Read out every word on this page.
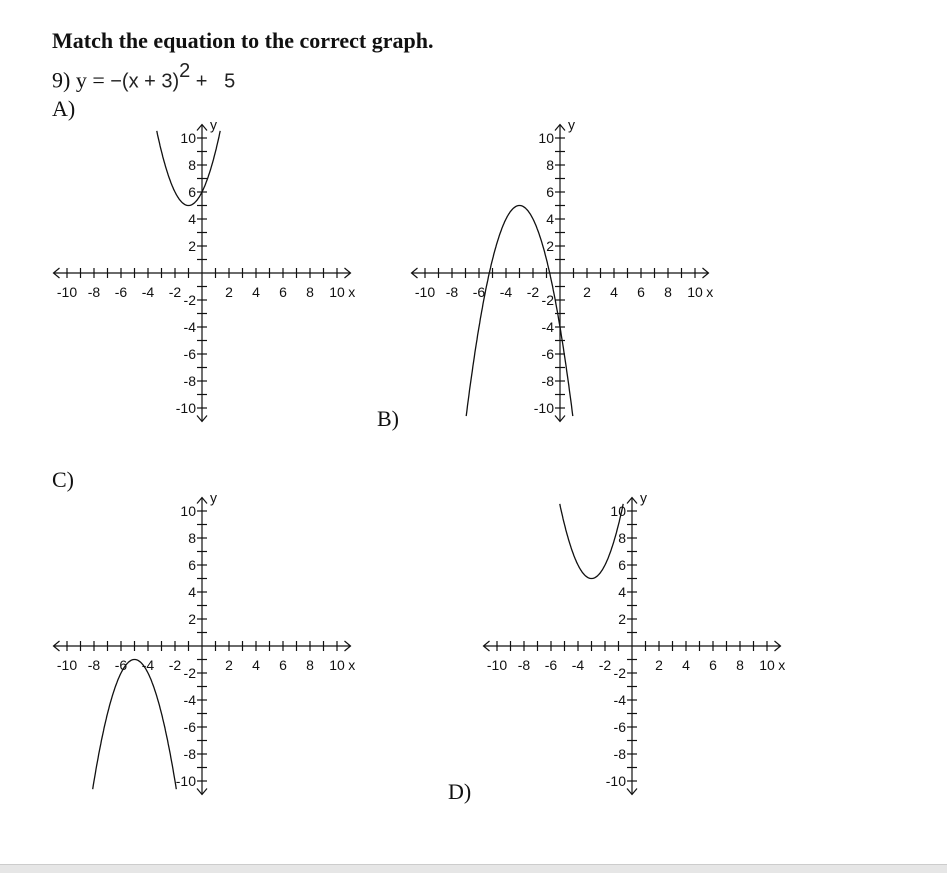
Match the equation to the correct graph.
9) $y = -(x + 3)^2 + 5$
A)
B)
C)
D)
-10 -8 -6 -4 -2	2 4 6 8 10 x
y
10
8
6
4
2
-2
-4
-6
-8
-10
-10 -8 -6 -4 -2	2 4 6 8 10 x
y
10
8
6
4
2
-2
-4
-6
-8
-10
-10 -8 -6 -4 -2	2 4 6 8 10 x
y
10
8
6
4
2
-2
-4
-6
-8
-10
-10 -8 -6 -4 -2	2 4 6 8 10 x
y
10
8
6
4
2
-2
-4
-6
-8
-10
